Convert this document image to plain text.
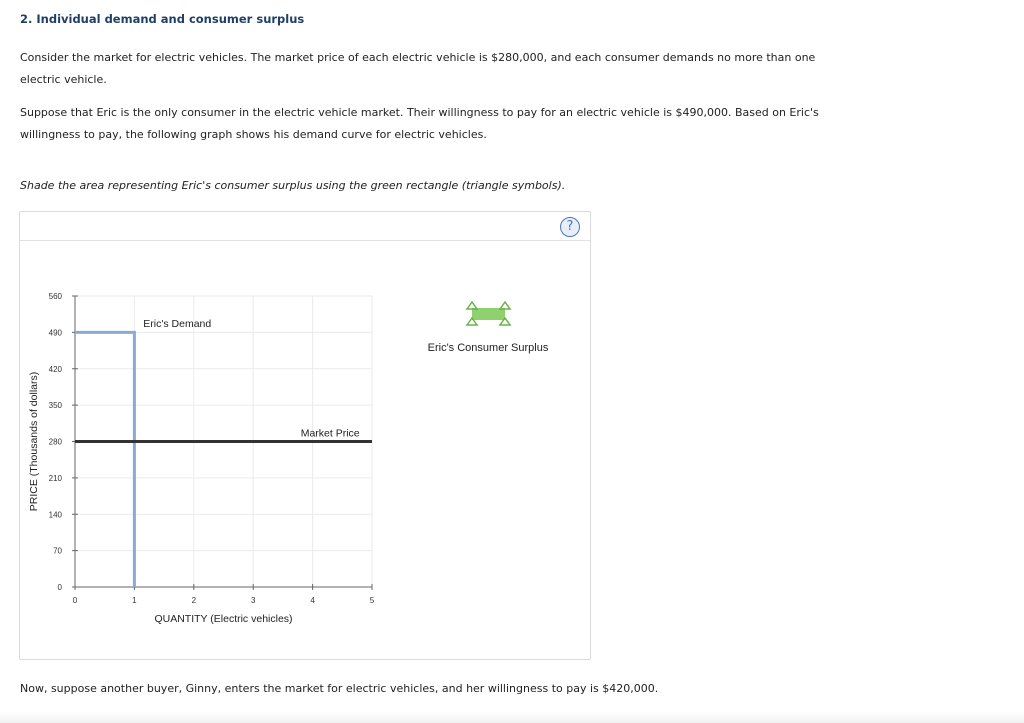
2. Individual demand and consumer surplus
Consider the market for electric vehicles. The market price of each electric vehicle is $280,000, and each consumer demands no more than one
electric vehicle.
Suppose that Eric is the only consumer in the electric vehicle market. Their willingness to pay for an electric vehicle is $490,000. Based on Eric's
willingness to pay, the following graph shows his demand curve for electric vehicles.
Shade the area representing Eric's consumer surplus using the green rectangle (triangle symbols).
?
0
70
140
210
280
350
420
490
560
0	1	2	3	4	5
QUANTITY (Electric vehicles)
PRICE (Thousands of dollars)
Eric's Demand
Market Price
Eric's Consumer Surplus
Now, suppose another buyer, Ginny, enters the market for electric vehicles, and her willingness to pay is $420,000.
